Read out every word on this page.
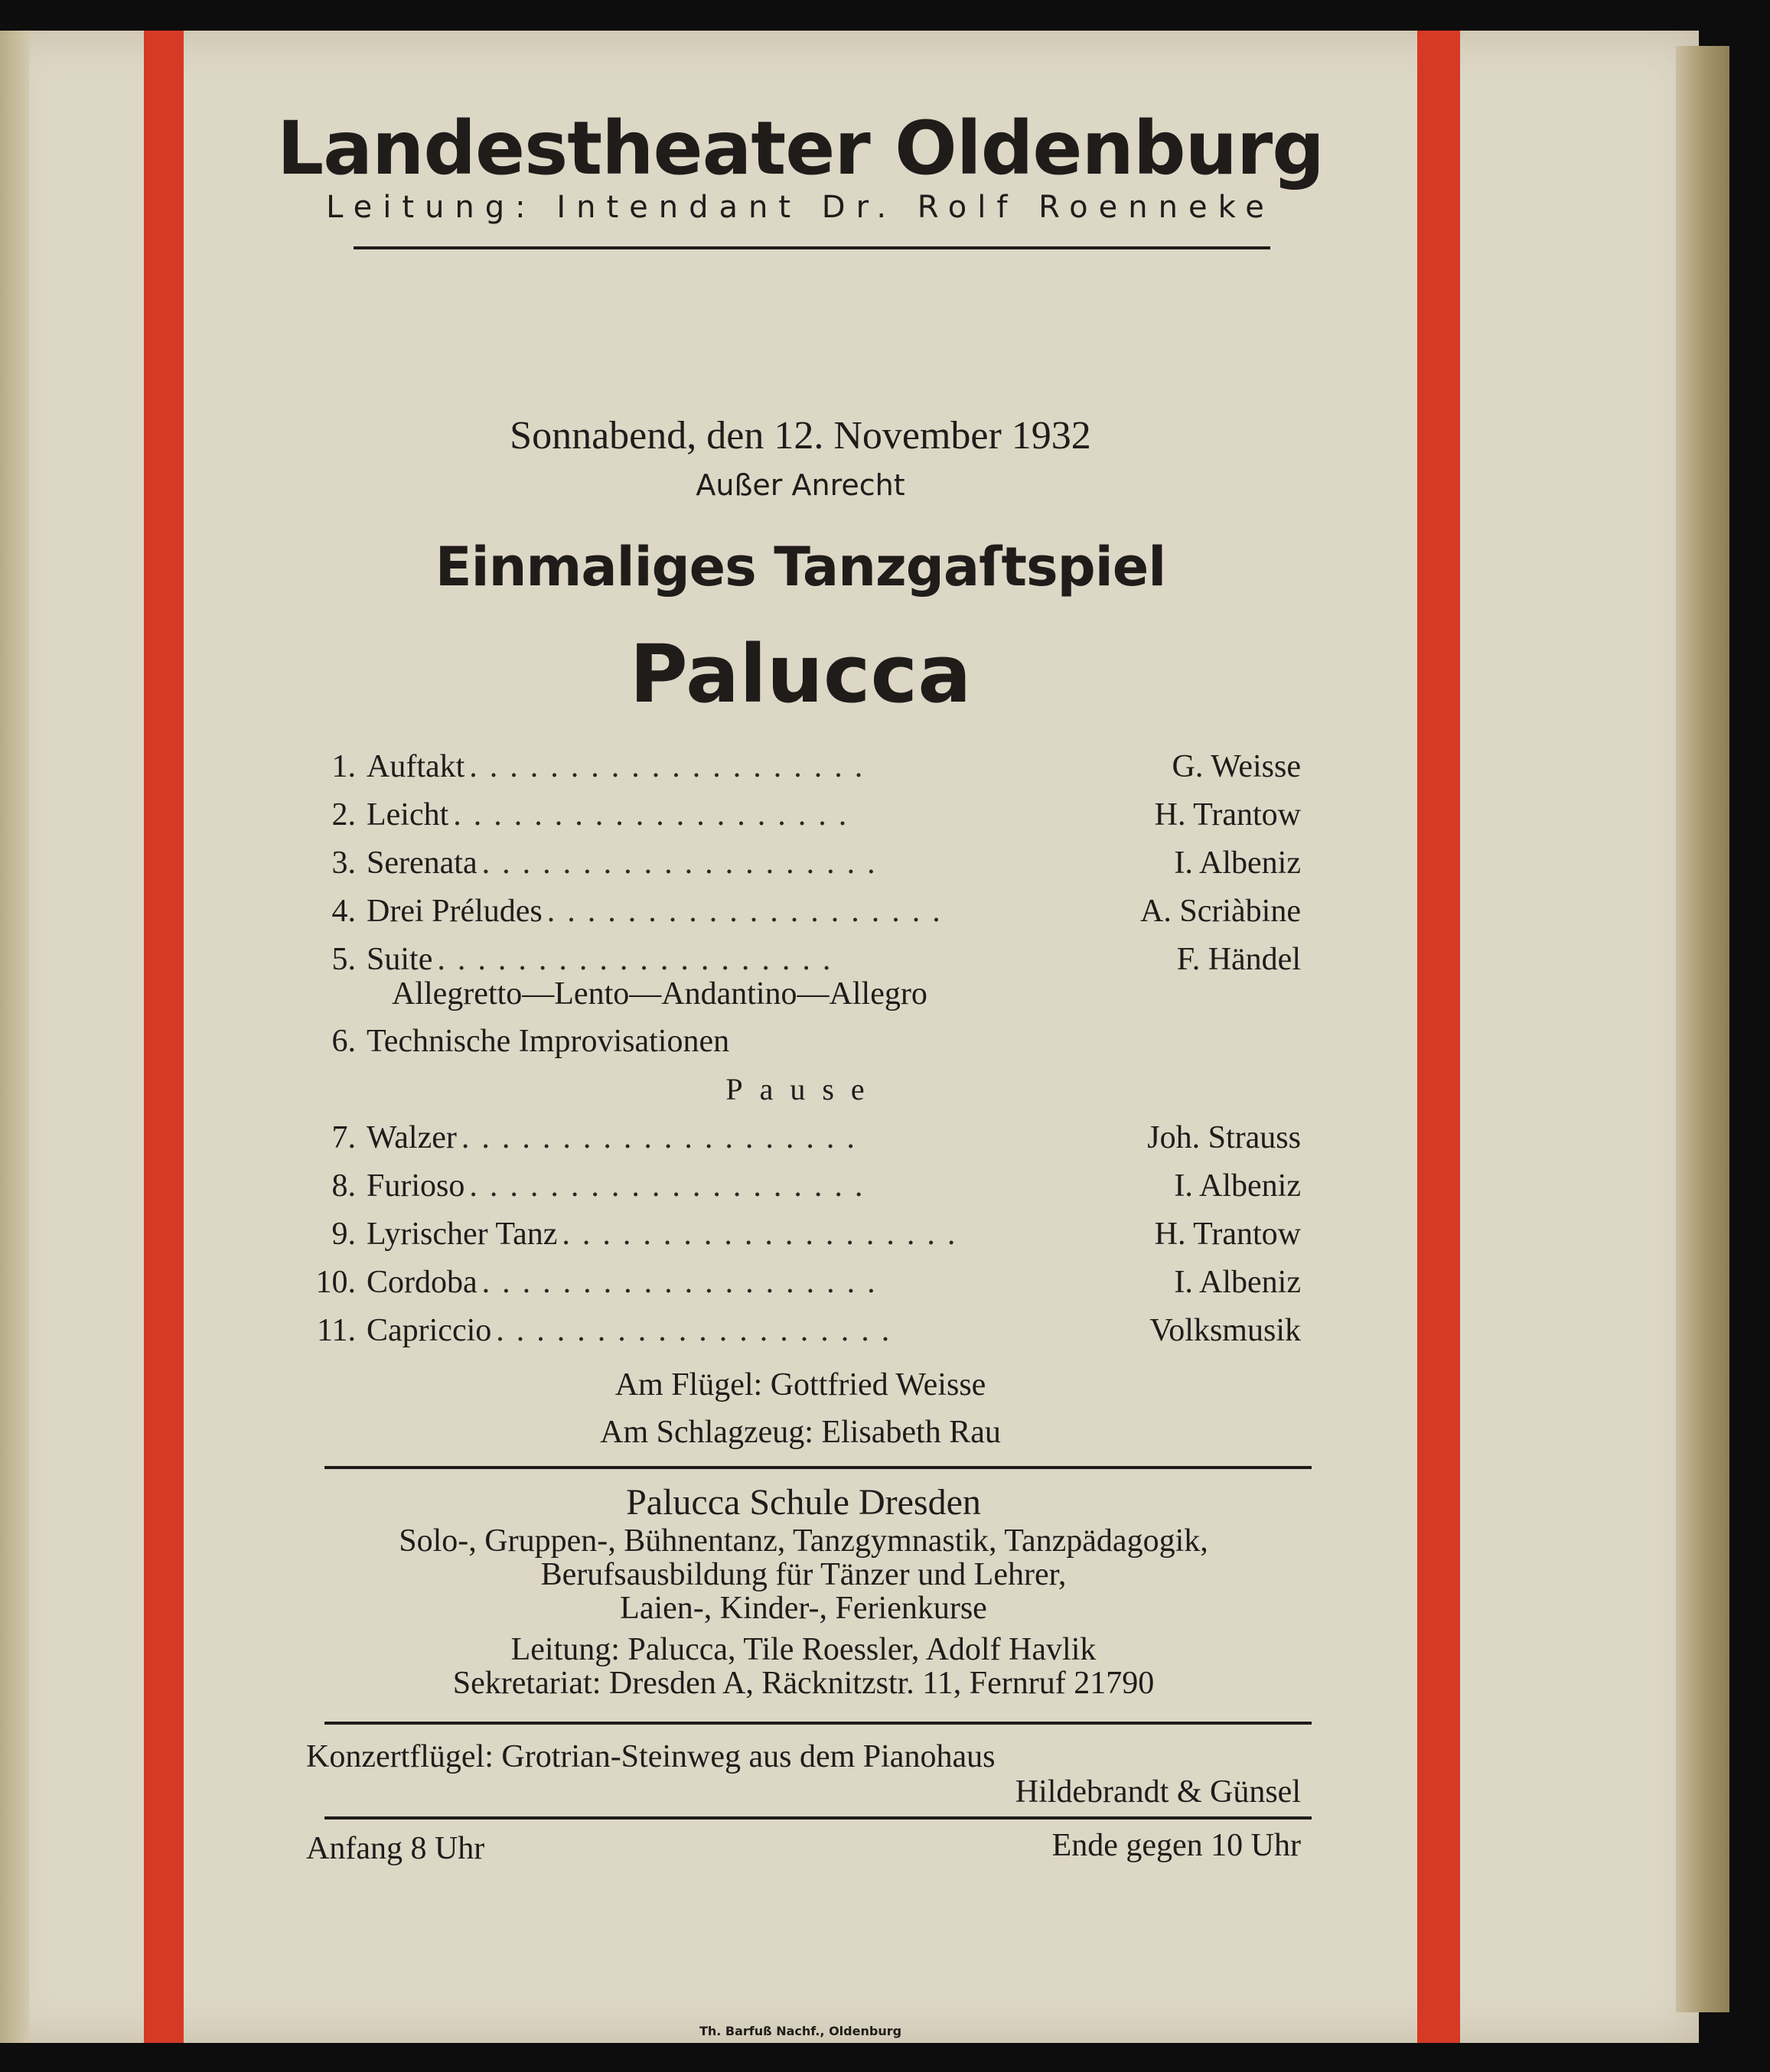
Landestheater Oldenburg
Leitung: Intendant Dr. Rolf Roenneke
Sonnabend, den 12. November 1932
Außer Anrecht
Einmaliges Tanzgaſtspiel
Palucca
1. Auftakt ....................	G. Weisse
2. Leicht ....................	H. Trantow
3. Serenata ....................	I. Albeniz
4. Drei Préludes ....................	A. Scriàbine
5. Suite ....................	F. Händel
Allegretto—Lento—Andantino—Allegro
6. Technische Improvisationen
Pause
7. Walzer ....................	Joh. Strauss
8. Furioso ....................	I. Albeniz
9. Lyrischer Tanz ....................	H. Trantow
10. Cordoba ....................	I. Albeniz
11. Capriccio ....................	Volksmusik
Am Flügel: Gottfried Weisse
Am Schlagzeug: Elisabeth Rau
Palucca Schule Dresden
Solo-, Gruppen-, Bühnentanz, Tanzgymnastik, Tanzpädagogik,
Berufsausbildung für Tänzer und Lehrer,
Laien-, Kinder-, Ferienkurse
Leitung: Palucca, Tile Roessler, Adolf Havlik
Sekretariat: Dresden A, Räcknitzstr. 11, Fernruf 21790
Konzertflügel: Grotrian-Steinweg aus dem Pianohaus
Hildebrandt & Günsel
Anfang 8 Uhr	Ende gegen 10 Uhr
Th. Barfuß Nachf., Oldenburg
